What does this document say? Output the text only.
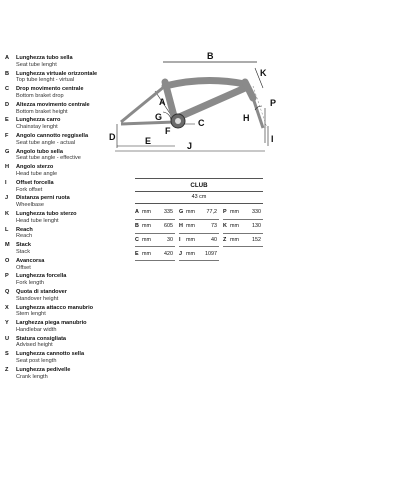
A	Lunghezza tubo sella
Seat tube lenght
B	Lunghezza virtuale orizzontale
Top tube lenght - virtual
C	Drop movimento centrale
Bottom braket drop
D	Altezza movimento centrale
Bottom braket height
E	Lunghezza carro
Chainstay lenght
F	Angolo cannotto reggisella
Seat tube angle - actual
G	Angolo tubo sella
Seat tube angle - effective
H	Angolo sterzo
Head tube angle
I	Offset forcella
Fork offset
J	Distanza perni ruota
Wheelbase
K	Lunghezza tubo sterzo
Head tube lenght
L	Reach
Reach
M	Stack
Stack
O	Avancorsa
Offset
P	Lunghezza forcella
Fork length
Q	Quota di standover
Standover height
X	Lunghezza attacco manubrio
Stem lenght
Y	Larghezza piega manubrio
Handlebar width
U	Statura consigliata
Advised height
S	Lunghezza cannotto sella
Seat post length
Z	Lunghezza pedivelle
Crank length
B
K
A
G
C	H
P
F
D	E	J
I
CLUB
43 cm
A mm	335	G mm	77,2	P mm	330
B mm	605	H mm	73	K mm	130
C mm	30	I	mm	40	Z mm	152
E mm	420	J mm	1097
